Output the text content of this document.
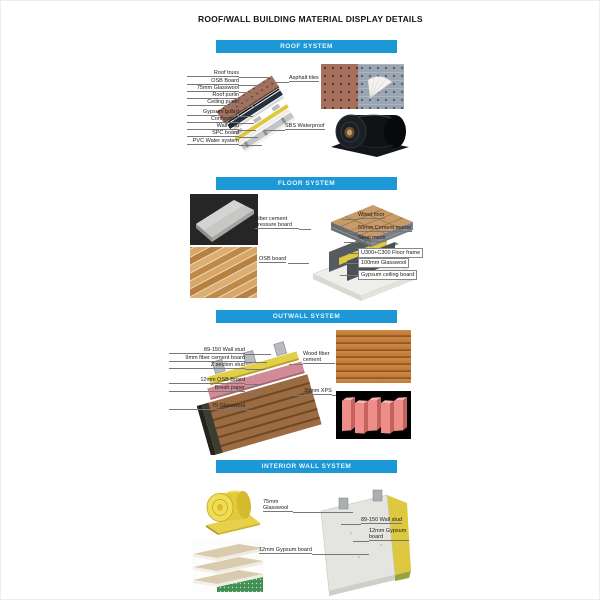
ROOF/WALL BUILDING MATERIAL DISPLAY DETAILS
ROOF SYSTEM
Roof truss
OSB Board
75mm Glasswool
Roof purlin
Ceiling purlin
Gypsum board
Connectors
Wall stud
SPC board
PVC Water system
Asphalt tiles
SBS Waterproof
FLOOR SYSTEM
Fiber cement pressure board
OSB board
Wood floor
50mm Cement mortar
Steel mesh
U300+C300 Floor frame
100mm Glasswool
Gypsum ceiling board
OUTWALL SYSTEM
89-150 Wall stud
9mm fiber cement board
Z section stud
12mm OSB Board
Breah paper
75 Glasswool
Wood fiber cement
30mm XPS
INTERIOR WALL SYSTEM
75mm Glasswool
12mm Gypsum board
89-150 Wall stud
12mm Gypsum board
